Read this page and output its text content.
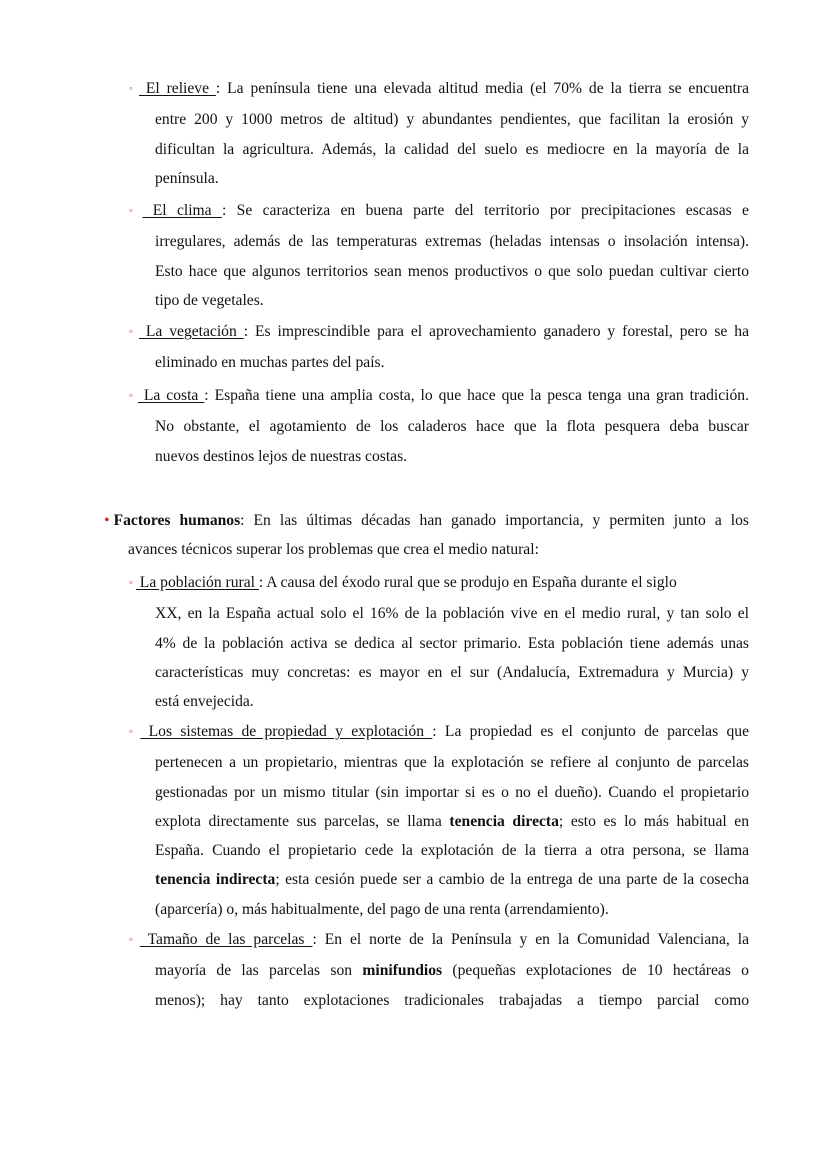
◦ El relieve : La península tiene una elevada altitud media (el 70% de la tierra se encuentra
entre 200 y 1000 metros de altitud) y abundantes pendientes, que facilitan la erosión y
dificultan la agricultura. Además, la calidad del suelo es mediocre en la mayoría de la
península.
◦ El clima : Se caracteriza en buena parte del territorio por precipitaciones escasas e
irregulares, además de las temperaturas extremas (heladas intensas o insolación intensa).
Esto hace que algunos territorios sean menos productivos o que solo puedan cultivar cierto
tipo de vegetales.
◦ La vegetación : Es imprescindible para el aprovechamiento ganadero y forestal, pero se ha
eliminado en muchas partes del país.
◦ La costa : España tiene una amplia costa, lo que hace que la pesca tenga una gran tradición.
No obstante, el agotamiento de los caladeros hace que la flota pesquera deba buscar
nuevos destinos lejos de nuestras costas.
• Factores humanos: En las últimas décadas han ganado importancia, y permiten junto a los
avances técnicos superar los problemas que crea el medio natural:
◦ La población rural : A causa del éxodo rural que se produjo en España durante el siglo
XX, en la España actual solo el 16% de la población vive en el medio rural, y tan solo el
4% de la población activa se dedica al sector primario. Esta población tiene además unas
características muy concretas: es mayor en el sur (Andalucía, Extremadura y Murcia) y
está envejecida.
◦ Los sistemas de propiedad y explotación : La propiedad es el conjunto de parcelas que
pertenecen a un propietario, mientras que la explotación se refiere al conjunto de parcelas
gestionadas por un mismo titular (sin importar si es o no el dueño). Cuando el propietario
explota directamente sus parcelas, se llama tenencia directa; esto es lo más habitual en
España. Cuando el propietario cede la explotación de la tierra a otra persona, se llama
tenencia indirecta; esta cesión puede ser a cambio de la entrega de una parte de la cosecha
(aparcería) o, más habitualmente, del pago de una renta (arrendamiento).
◦ Tamaño de las parcelas : En el norte de la Península y en la Comunidad Valenciana, la
mayoría de las parcelas son minifundios (pequeñas explotaciones de 10 hectáreas o
menos); hay tanto explotaciones tradicionales trabajadas a tiempo parcial como
